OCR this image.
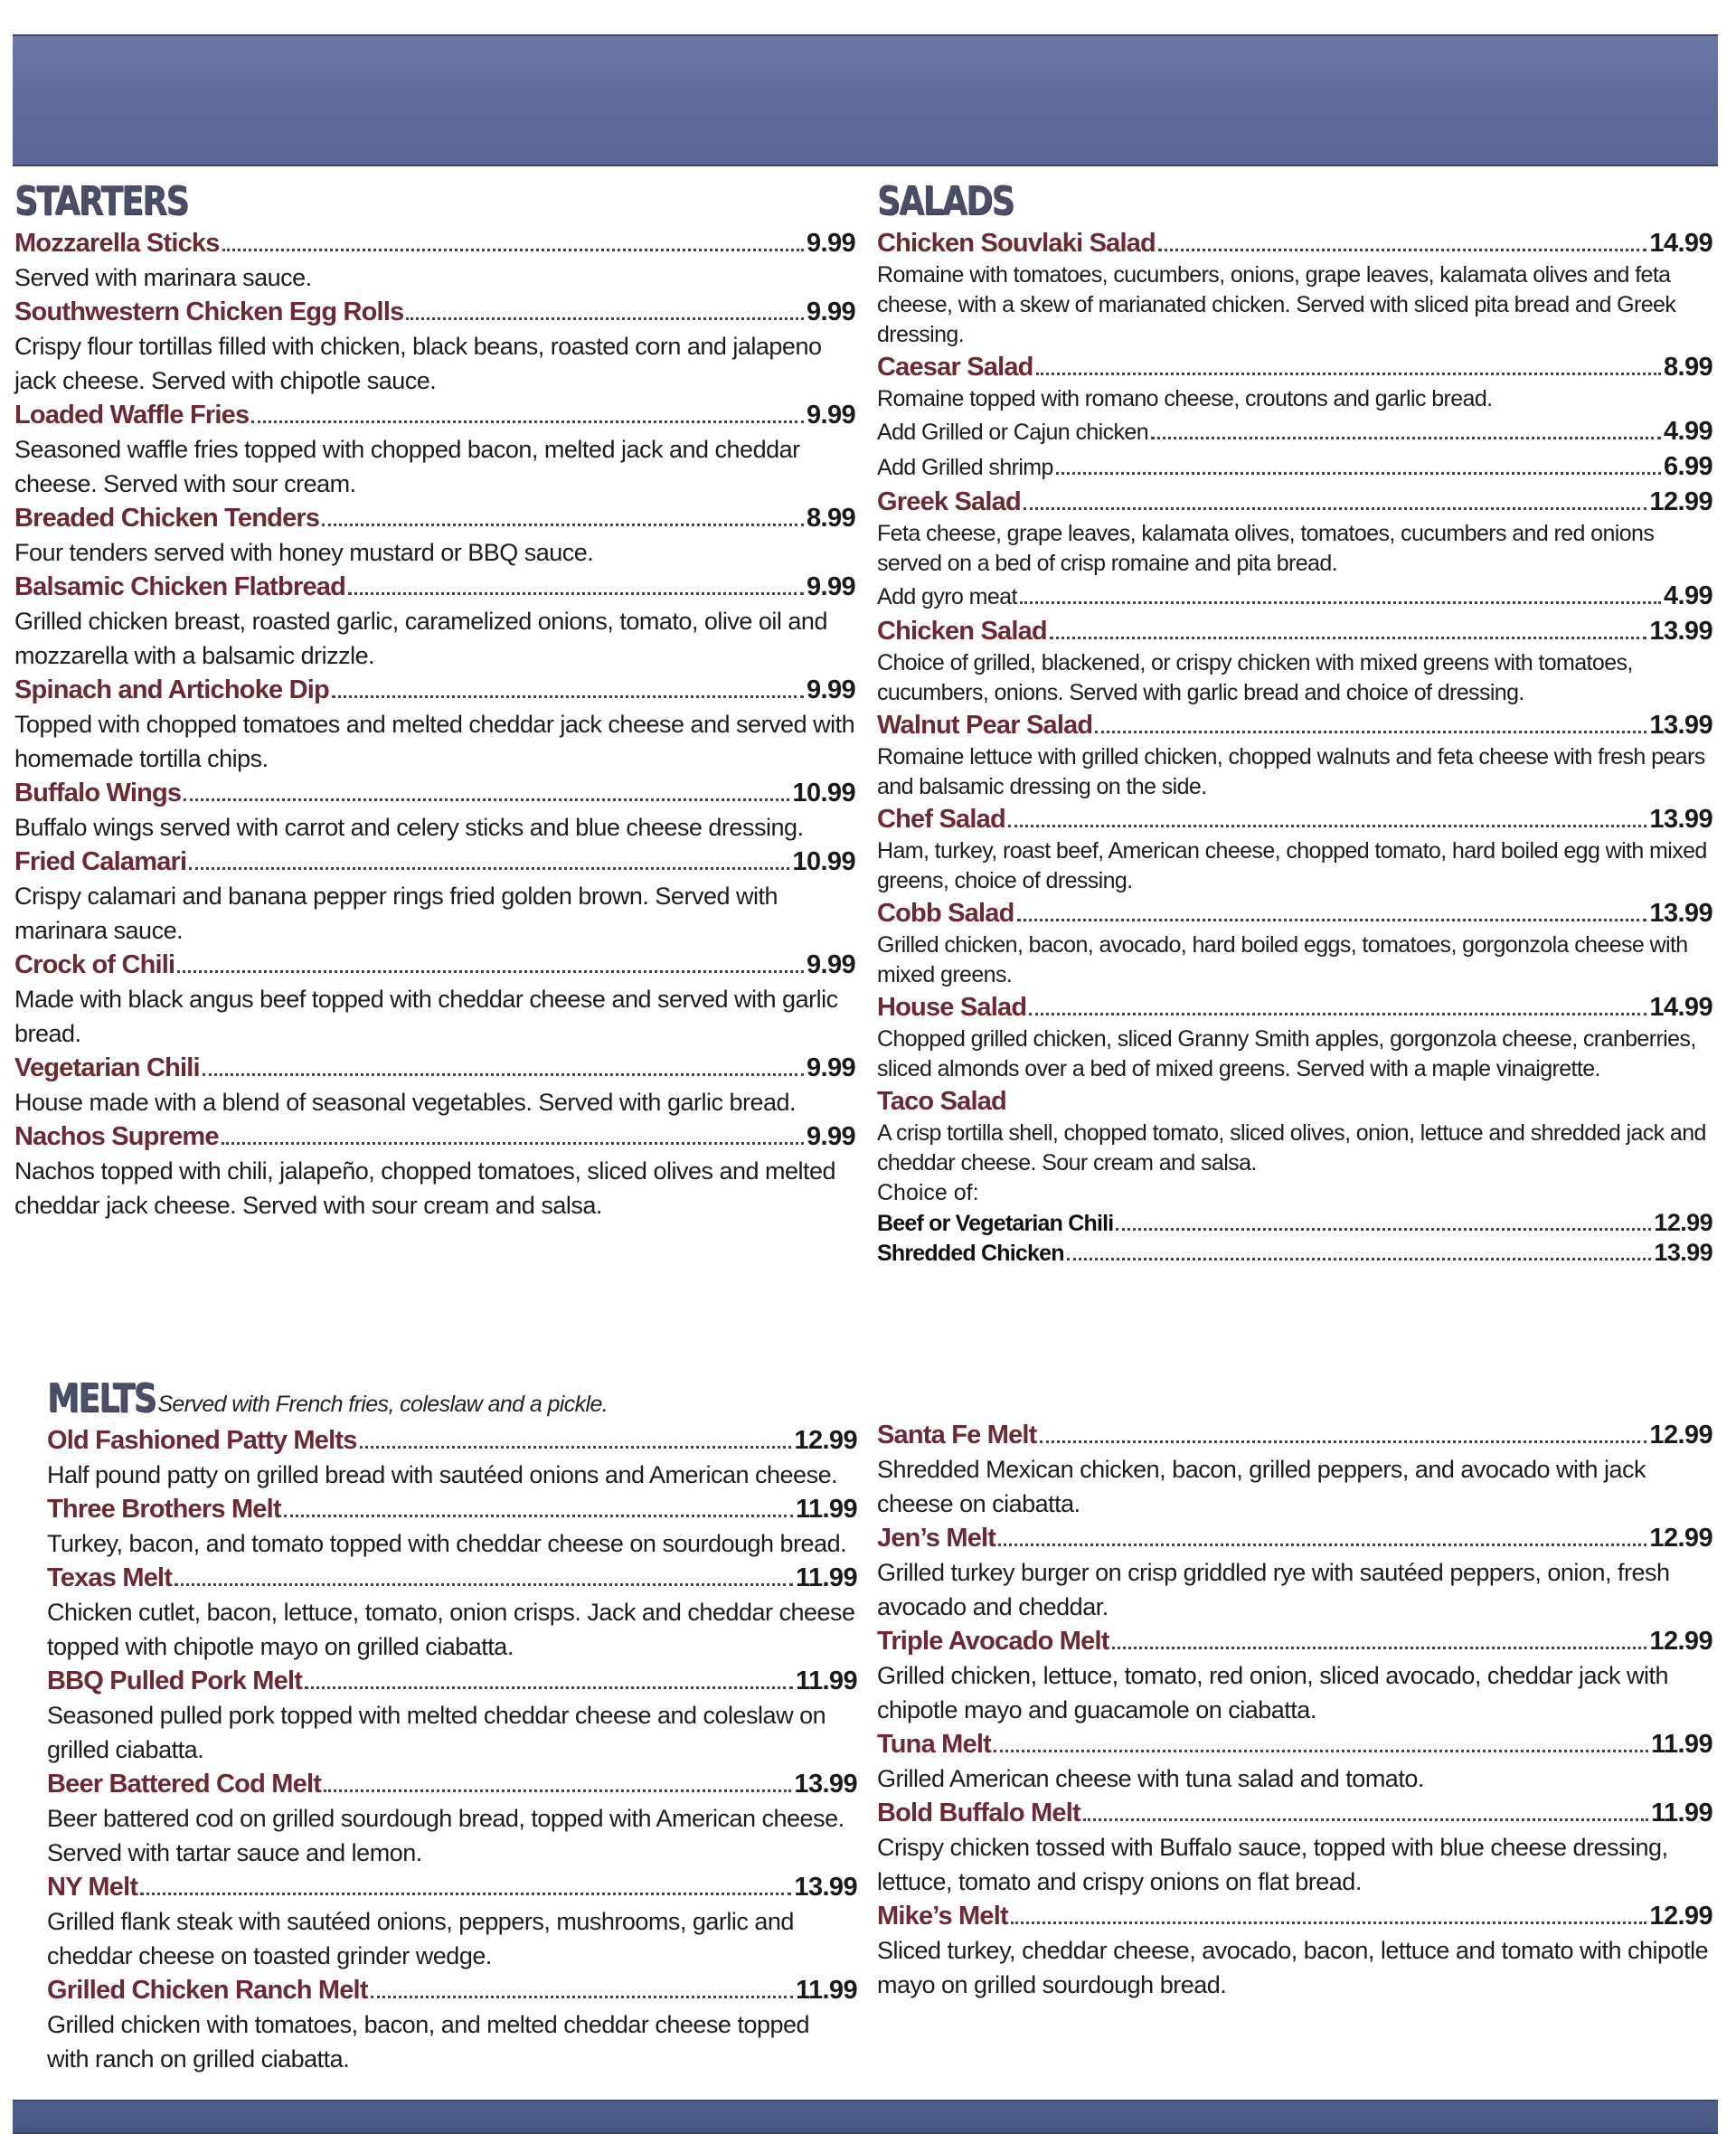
STARTERS
Mozzarella Sticks	9.99
Served with marinara sauce.
Southwestern Chicken Egg Rolls	9.99
Crispy flour tortillas filled with chicken, black beans, roasted corn and jalapeno jack cheese. Served with chipotle sauce.
Loaded Waffle Fries	9.99
Seasoned waffle fries topped with chopped bacon, melted jack and cheddar cheese. Served with sour cream.
Breaded Chicken Tenders	8.99
Four tenders served with honey mustard or BBQ sauce.
Balsamic Chicken Flatbread	9.99
Grilled chicken breast, roasted garlic, caramelized onions, tomato, olive oil and mozzarella with a balsamic drizzle.
Spinach and Artichoke Dip	9.99
Topped with chopped tomatoes and melted cheddar jack cheese and served with homemade tortilla chips.
Buffalo Wings	10.99
Buffalo wings served with carrot and celery sticks and blue cheese dressing.
Fried Calamari	10.99
Crispy calamari and banana pepper rings fried golden brown. Served with marinara sauce.
Crock of Chili	9.99
Made with black angus beef topped with cheddar cheese and served with garlic bread.
Vegetarian Chili	9.99
House made with a blend of seasonal vegetables. Served with garlic bread.
Nachos Supreme	9.99
Nachos topped with chili, jalapeño, chopped tomatoes, sliced olives and melted cheddar jack cheese. Served with sour cream and salsa.
SALADS
Chicken Souvlaki Salad	14.99
Romaine with tomatoes, cucumbers, onions, grape leaves, kalamata olives and feta cheese, with a skew of marianated chicken. Served with sliced pita bread and Greek dressing.
Caesar Salad	8.99
Romaine topped with romano cheese, croutons and garlic bread.
Add Grilled or Cajun chicken	4.99
Add Grilled shrimp	6.99
Greek Salad	12.99
Feta cheese, grape leaves, kalamata olives, tomatoes, cucumbers and red onions served on a bed of crisp romaine and pita bread.
Add gyro meat	4.99
Chicken Salad	13.99
Choice of grilled, blackened, or crispy chicken with mixed greens with tomatoes, cucumbers, onions. Served with garlic bread and choice of dressing.
Walnut Pear Salad	13.99
Romaine lettuce with grilled chicken, chopped walnuts and feta cheese with fresh pears and balsamic dressing on the side.
Chef Salad	13.99
Ham, turkey, roast beef, American cheese, chopped tomato, hard boiled egg with mixed greens, choice of dressing.
Cobb Salad	13.99
Grilled chicken, bacon, avocado, hard boiled eggs, tomatoes, gorgonzola cheese with mixed greens.
House Salad	14.99
Chopped grilled chicken, sliced Granny Smith apples, gorgonzola cheese, cranberries, sliced almonds over a bed of mixed greens. Served with a maple vinaigrette.
Taco Salad
A crisp tortilla shell, chopped tomato, sliced olives, onion, lettuce and shredded jack and cheddar cheese. Sour cream and salsa.
Choice of:
Beef or Vegetarian Chili	12.99
Shredded Chicken	13.99
MELTS Served with French fries, coleslaw and a pickle.
Old Fashioned Patty Melts	12.99
Half pound patty on grilled bread with sautéed onions and American cheese.
Three Brothers Melt	11.99
Turkey, bacon, and tomato topped with cheddar cheese on sourdough bread.
Texas Melt	11.99
Chicken cutlet, bacon, lettuce, tomato, onion crisps. Jack and cheddar cheese topped with chipotle mayo on grilled ciabatta.
BBQ Pulled Pork Melt	11.99
Seasoned pulled pork topped with melted cheddar cheese and coleslaw on grilled ciabatta.
Beer Battered Cod Melt	13.99
Beer battered cod on grilled sourdough bread, topped with American cheese. Served with tartar sauce and lemon.
NY Melt	13.99
Grilled flank steak with sautéed onions, peppers, mushrooms, garlic and cheddar cheese on toasted grinder wedge.
Grilled Chicken Ranch Melt	11.99
Grilled chicken with tomatoes, bacon, and melted cheddar cheese topped with ranch on grilled ciabatta.
Santa Fe Melt	12.99
Shredded Mexican chicken, bacon, grilled peppers, and avocado with jack cheese on ciabatta.
Jen’s Melt	12.99
Grilled turkey burger on crisp griddled rye with sautéed peppers, onion, fresh avocado and cheddar.
Triple Avocado Melt	12.99
Grilled chicken, lettuce, tomato, red onion, sliced avocado, cheddar jack with chipotle mayo and guacamole on ciabatta.
Tuna Melt	11.99
Grilled American cheese with tuna salad and tomato.
Bold Buffalo Melt	11.99
Crispy chicken tossed with Buffalo sauce, topped with blue cheese dressing, lettuce, tomato and crispy onions on flat bread.
Mike’s Melt	12.99
Sliced turkey, cheddar cheese, avocado, bacon, lettuce and tomato with chipotle mayo on grilled sourdough bread.
